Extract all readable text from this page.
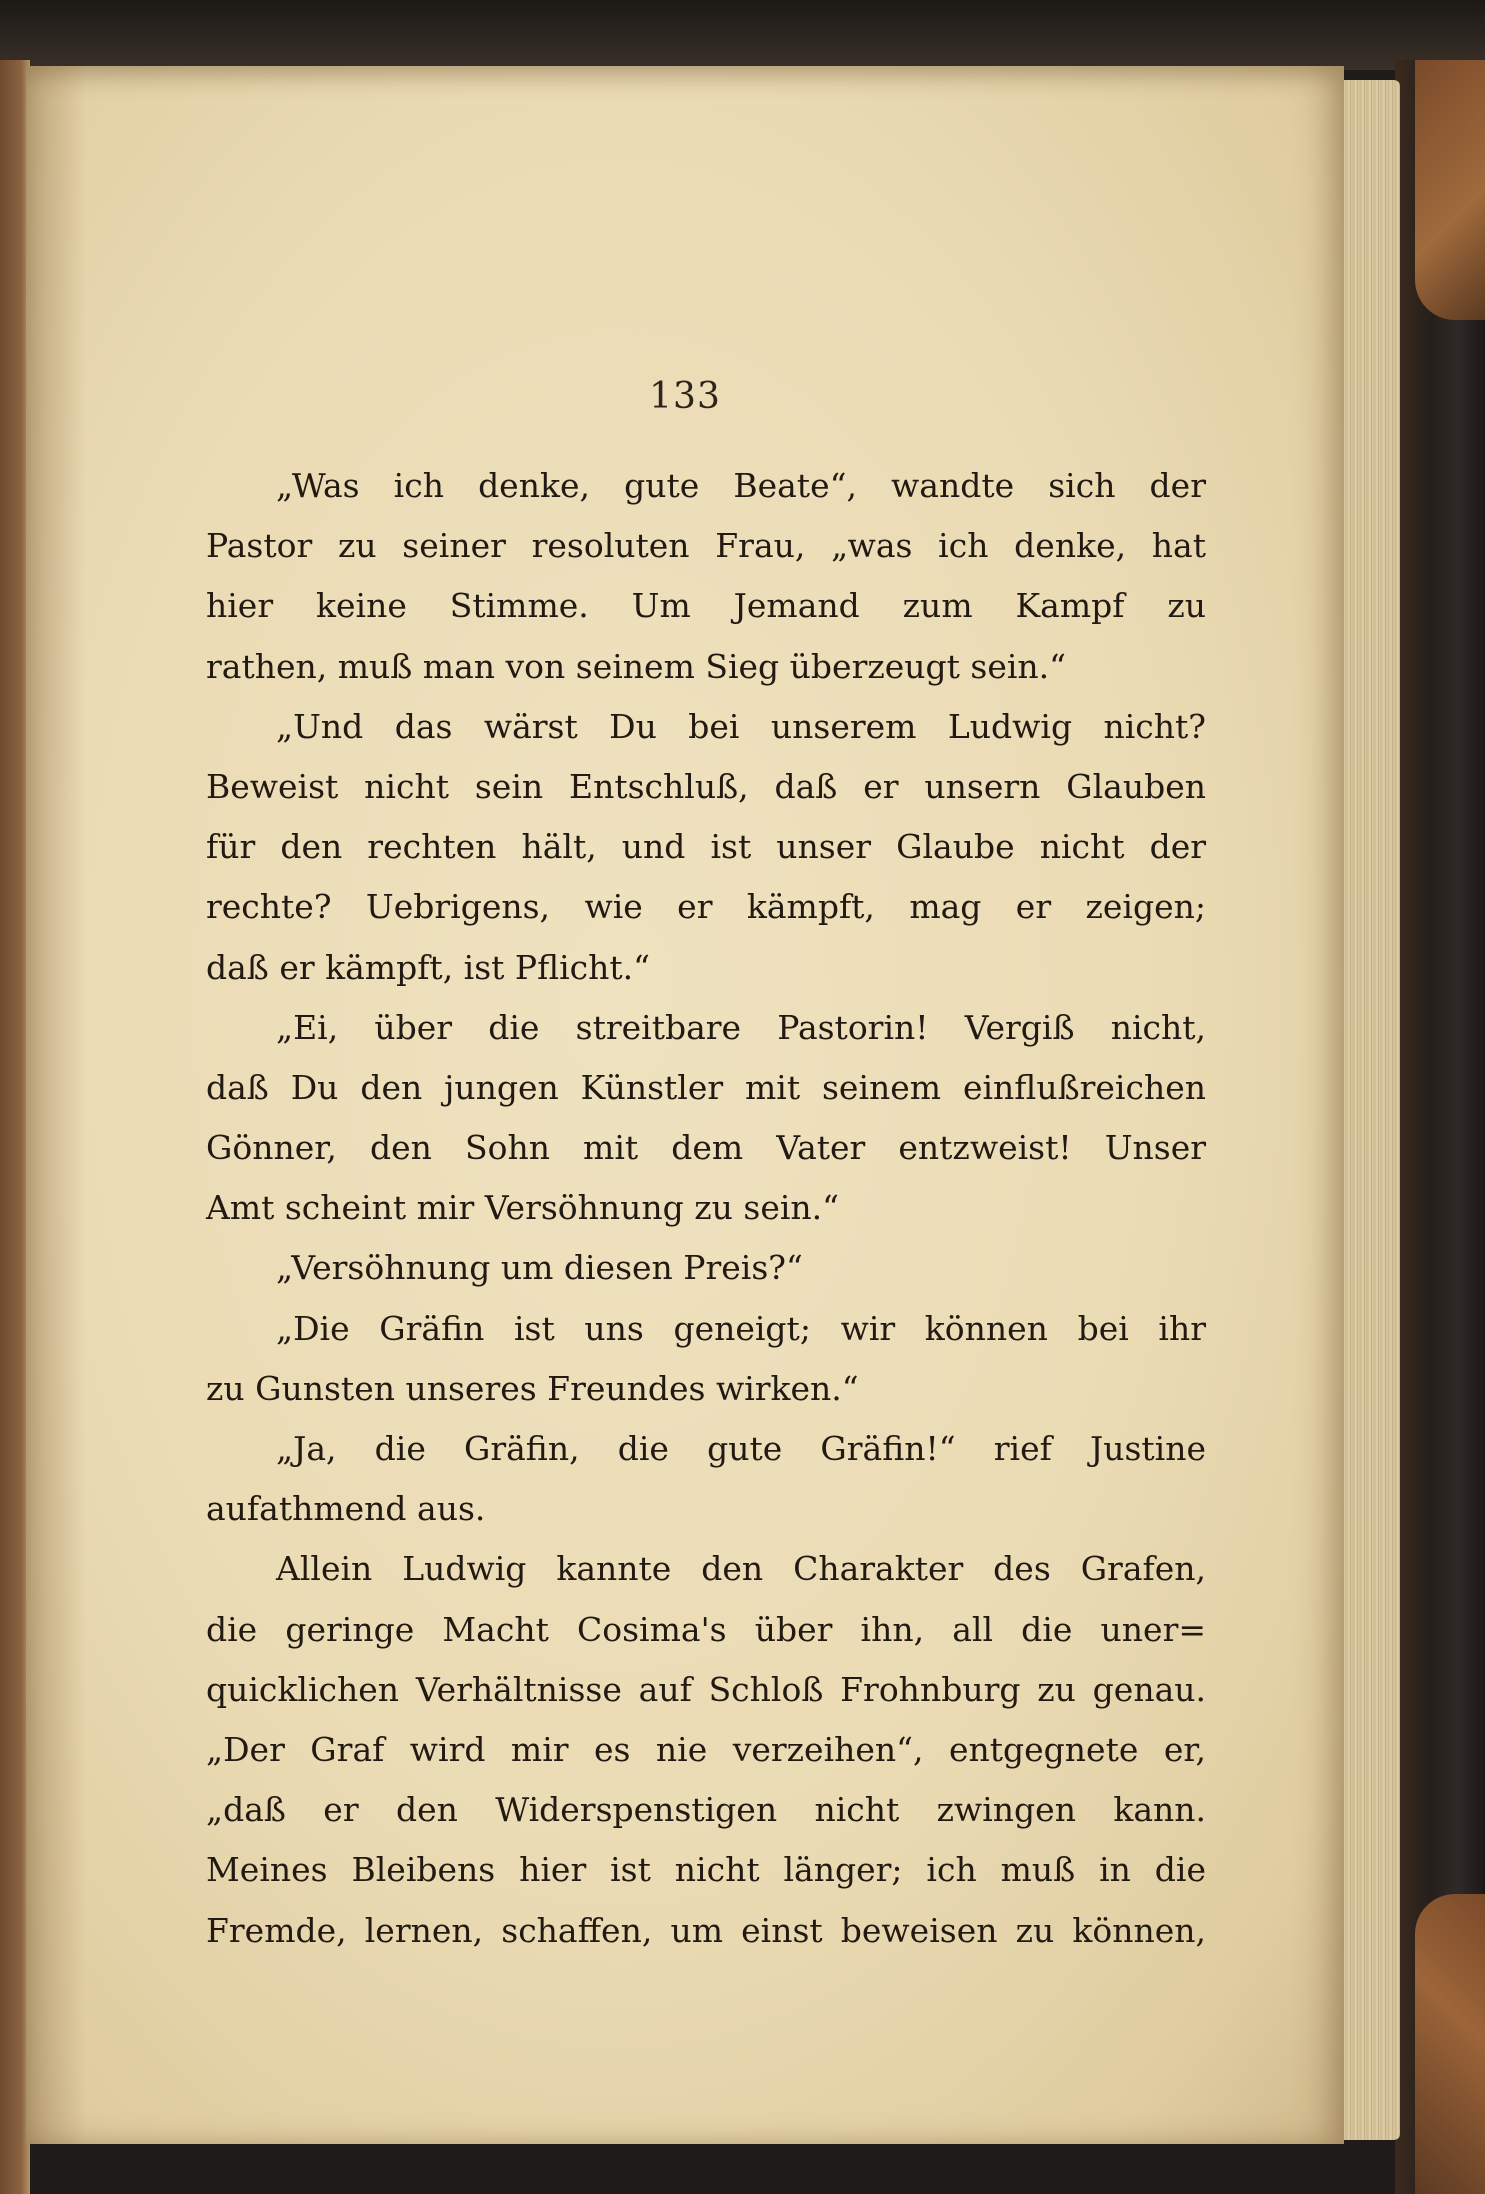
133
„Was ich denke, gute Beate“, wandte sich der
Pastor zu seiner resoluten Frau, „was ich denke, hat
hier keine Stimme. Um Jemand zum Kampf zu
rathen, muß man von seinem Sieg überzeugt sein.“
„Und das wärst Du bei unserem Ludwig nicht?
Beweist nicht sein Entschluß, daß er unsern Glauben
für den rechten hält, und ist unser Glaube nicht der
rechte? Uebrigens, wie er kämpft, mag er zeigen;
daß er kämpft, ist Pflicht.“
„Ei, über die streitbare Pastorin! Vergiß nicht,
daß Du den jungen Künstler mit seinem einflußreichen
Gönner, den Sohn mit dem Vater entzweist! Unser
Amt scheint mir Versöhnung zu sein.“
„Versöhnung um diesen Preis?“
„Die Gräfin ist uns geneigt; wir können bei ihr
zu Gunsten unseres Freundes wirken.“
„Ja, die Gräfin, die gute Gräfin!“ rief Justine
aufathmend aus.
Allein Ludwig kannte den Charakter des Grafen,
die geringe Macht Cosima's über ihn, all die uner=
quicklichen Verhältnisse auf Schloß Frohnburg zu genau.
„Der Graf wird mir es nie verzeihen“, entgegnete er,
„daß er den Widerspenstigen nicht zwingen kann.
Meines Bleibens hier ist nicht länger; ich muß in die
Fremde, lernen, schaffen, um einst beweisen zu können,
